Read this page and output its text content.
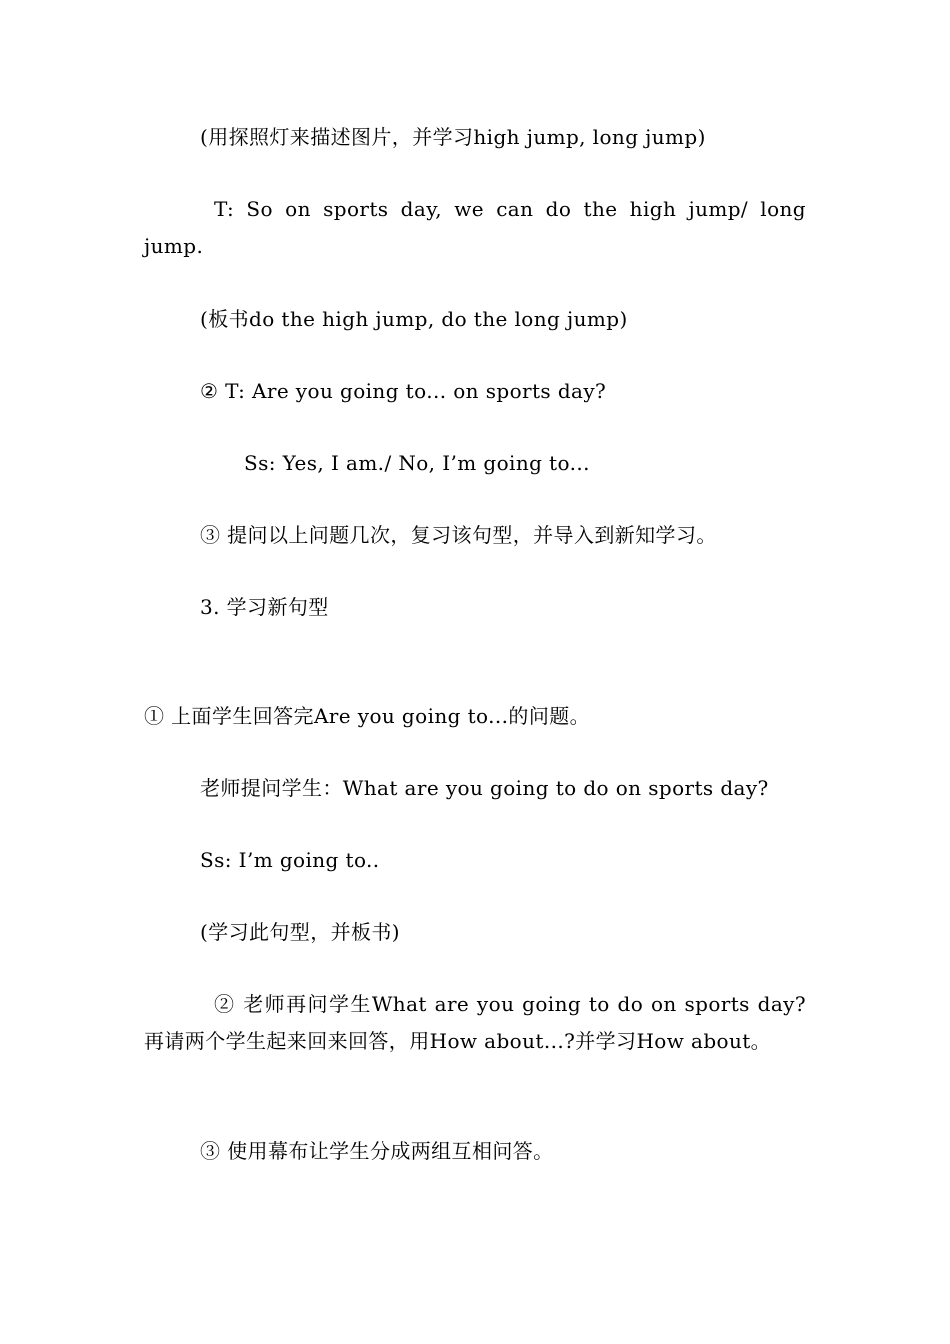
(用探照灯来描述图片，并学习high jump, long jump)
T: So on sports day, we can do the high jump/ long jump.
(板书do the high jump, do the long jump)
② T: Are you going to... on sports day?
Ss: Yes, I am./ No, I’m going to...
③ 提问以上问题几次，复习该句型，并导入到新知学习。
3. 学习新句型
① 上面学生回答完Are you going to...的问题。
老师提问学生：What are you going to do on sports day?
Ss: I’m going to..
(学习此句型，并板书)
② 老师再问学生What are you going to do on sports day? 再请两个学生起来回来回答，用How about...?并学习How about。
③ 使用幕布让学生分成两组互相问答。
